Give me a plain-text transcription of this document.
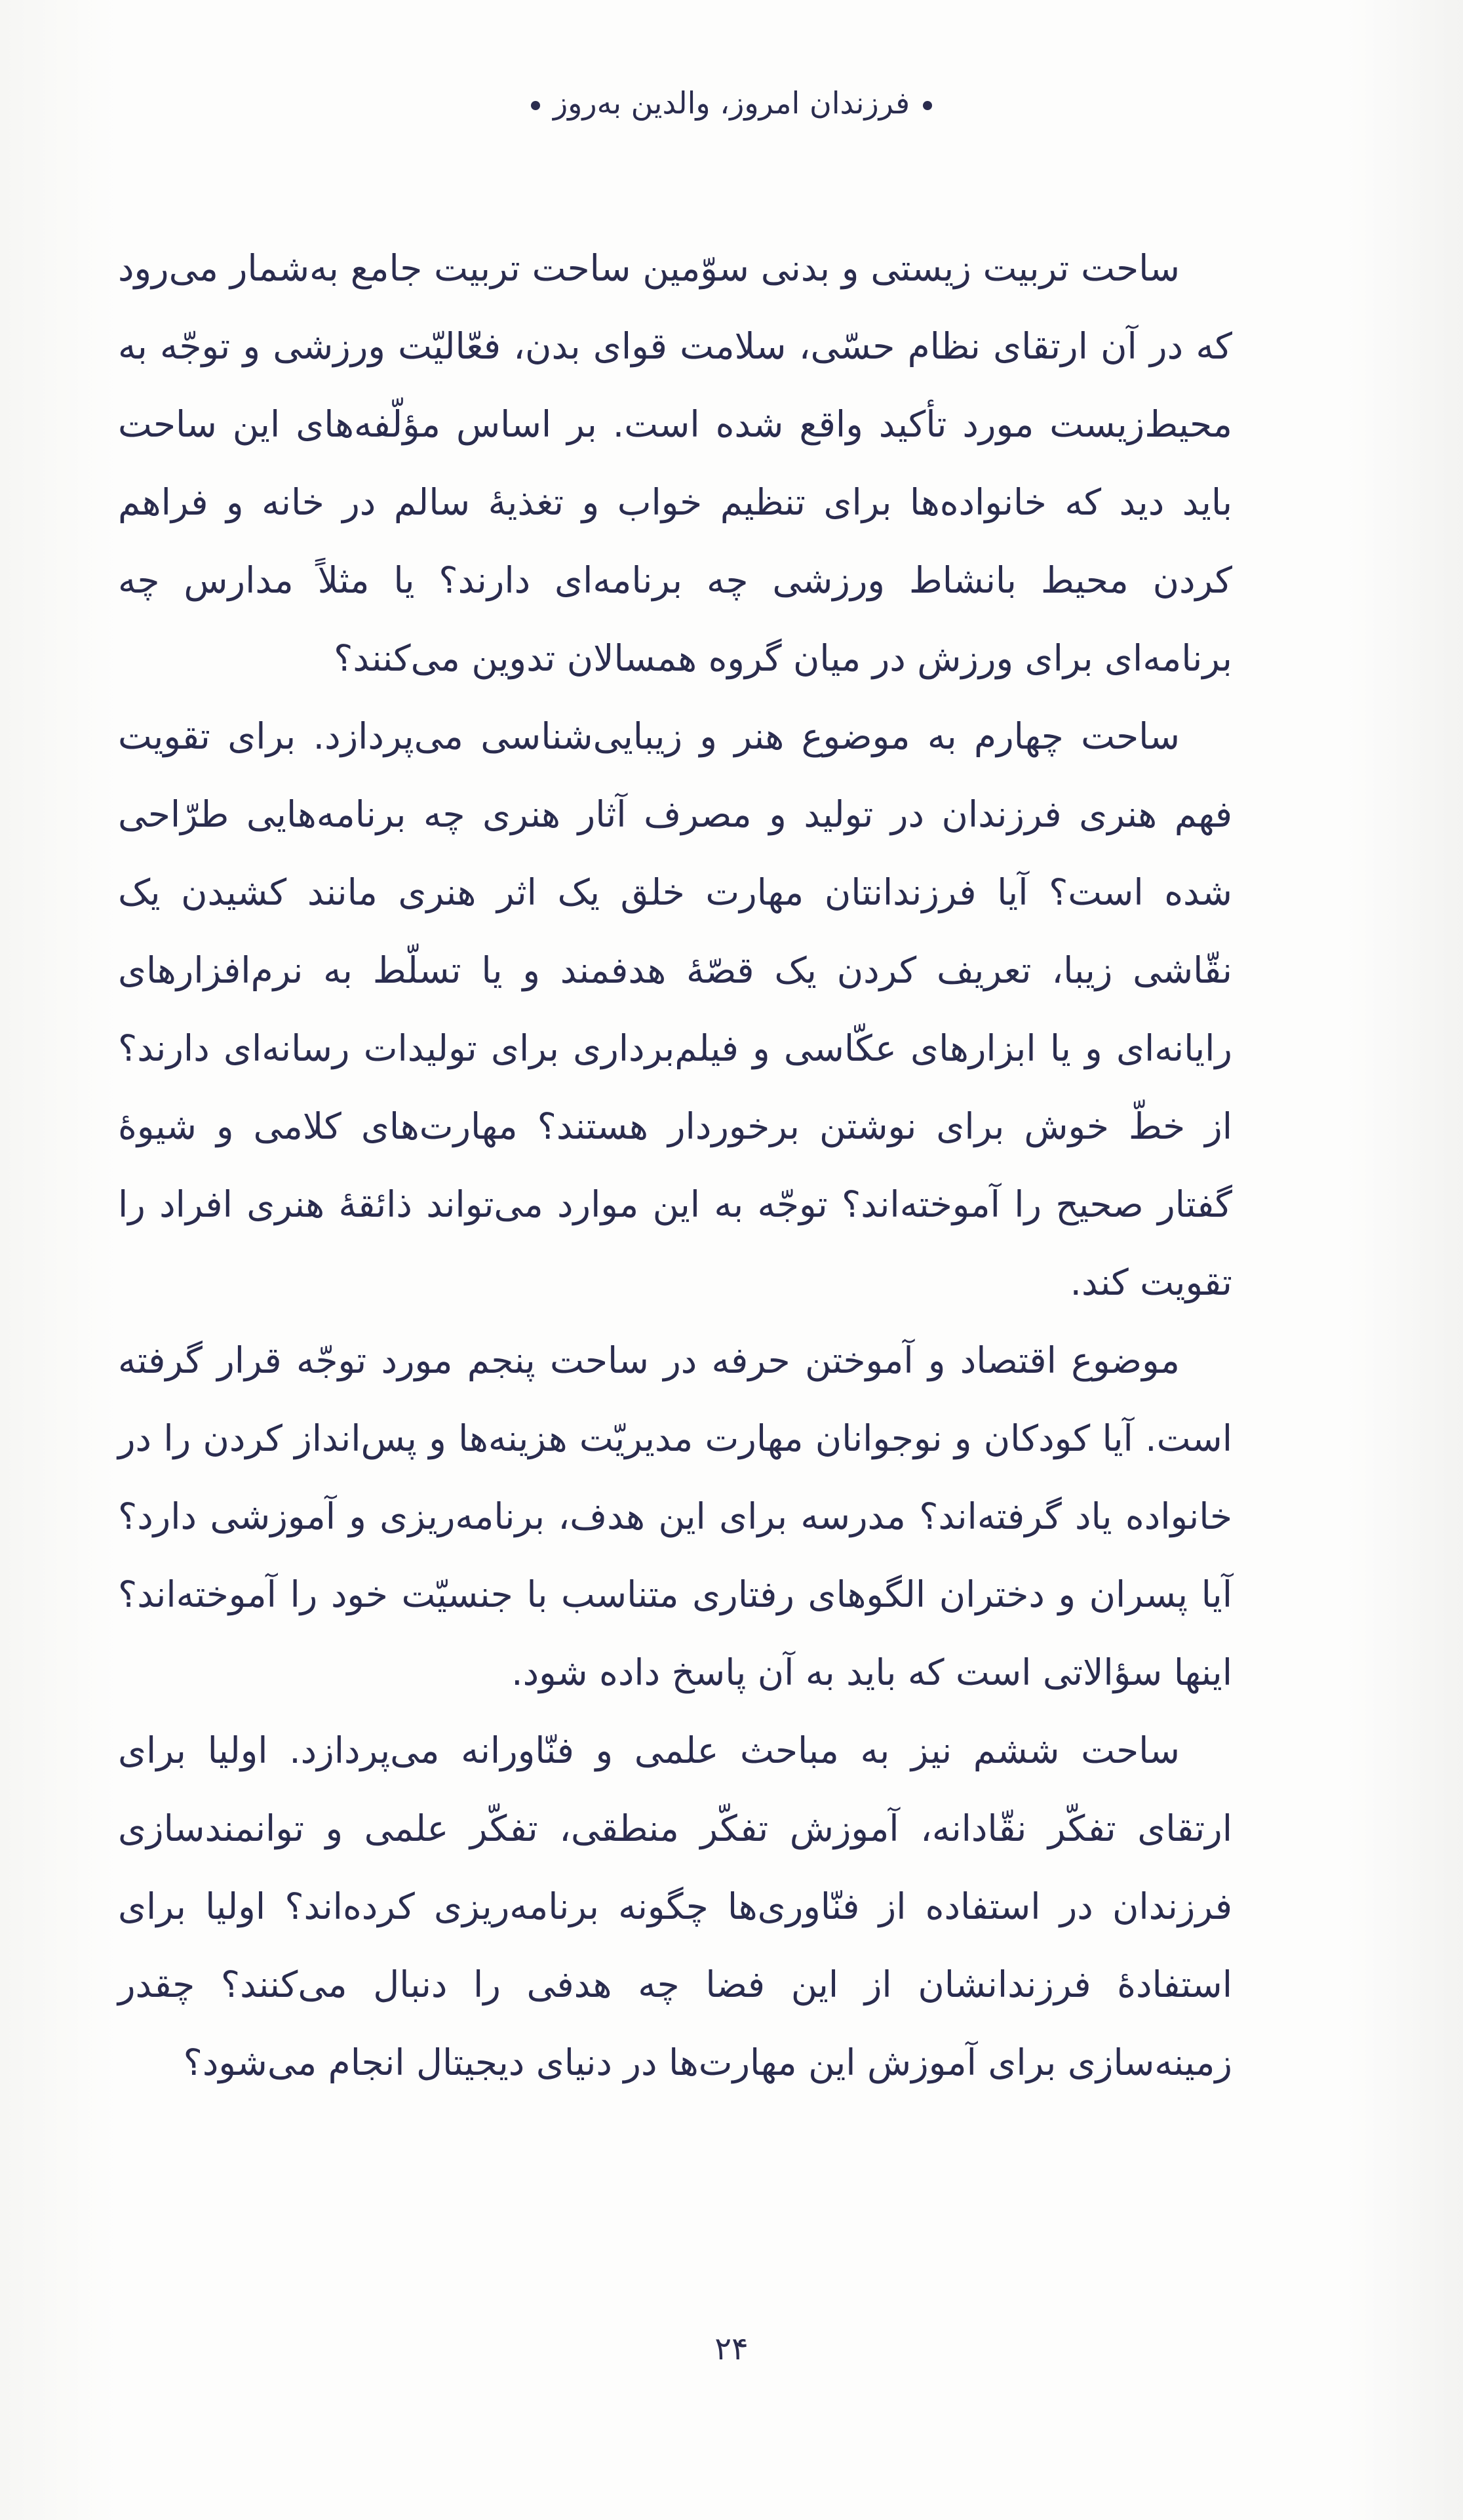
فرزندان امروز، والدین به‌روز

ساحت تربیت زیستی و بدنی سوّمین ساحت تربیت جامع به‌شمار می‌رود که در آن ارتقای نظام حسّی، سلامت قوای بدن، فعّالیّت ورزشی و توجّه به محیط‌زیست مورد تأکید واقع شده است. بر اساس مؤلّفه‌های این ساحت باید دید که خانواده‌ها برای تنظیم خواب و تغذیهٔ سالم در خانه و فراهم کردن محیط بانشاط ورزشی چه برنامه‌ای دارند؟ یا مثلاً مدارس چه برنامه‌ای برای ورزش در میان گروه همسالان تدوین می‌کنند؟

ساحت چهارم به موضوع هنر و زیبایی‌شناسی می‌پردازد. برای تقویت فهم هنری فرزندان در تولید و مصرف آثار هنری چه برنامه‌هایی طرّاحی شده است؟ آیا فرزندانتان مهارت خلق یک اثر هنری مانند کشیدن یک نقّاشی زیبا، تعریف کردن یک قصّهٔ هدفمند و یا تسلّط به نرم‌افزارهای رایانه‌ای و یا ابزارهای عکّاسی و فیلم‌برداری برای تولیدات رسانه‌ای دارند؟ از خطّ خوش برای نوشتن برخوردار هستند؟ مهارت‌های کلامی و شیوهٔ گفتار صحیح را آموخته‌اند؟ توجّه به این موارد می‌تواند ذائقهٔ هنری افراد را تقویت کند.

موضوع اقتصاد و آموختن حرفه در ساحت پنجم مورد توجّه قرار گرفته است. آیا کودکان و نوجوانان مهارت مدیریّت هزینه‌ها و پس‌انداز کردن را در خانواده یاد گرفته‌اند؟ مدرسه برای این هدف، برنامه‌ریزی و آموزشی دارد؟ آیا پسران و دختران الگوهای رفتاری متناسب با جنسیّت خود را آموخته‌اند؟ اینها سؤالاتی است که باید به آن پاسخ داده شود.

ساحت ششم نیز به مباحث علمی و فنّاورانه می‌پردازد. اولیا برای ارتقای تفکّر نقّادانه، آموزش تفکّر منطقی، تفکّر علمی و توانمندسازی فرزندان در استفاده از فنّاوری‌ها چگونه برنامه‌ریزی کرده‌اند؟ اولیا برای استفادهٔ فرزندانشان از این فضا چه هدفی را دنبال می‌کنند؟ چقدر زمینه‌سازی برای آموزش این مهارت‌ها در دنیای دیجیتال انجام می‌شود؟

۲۴
